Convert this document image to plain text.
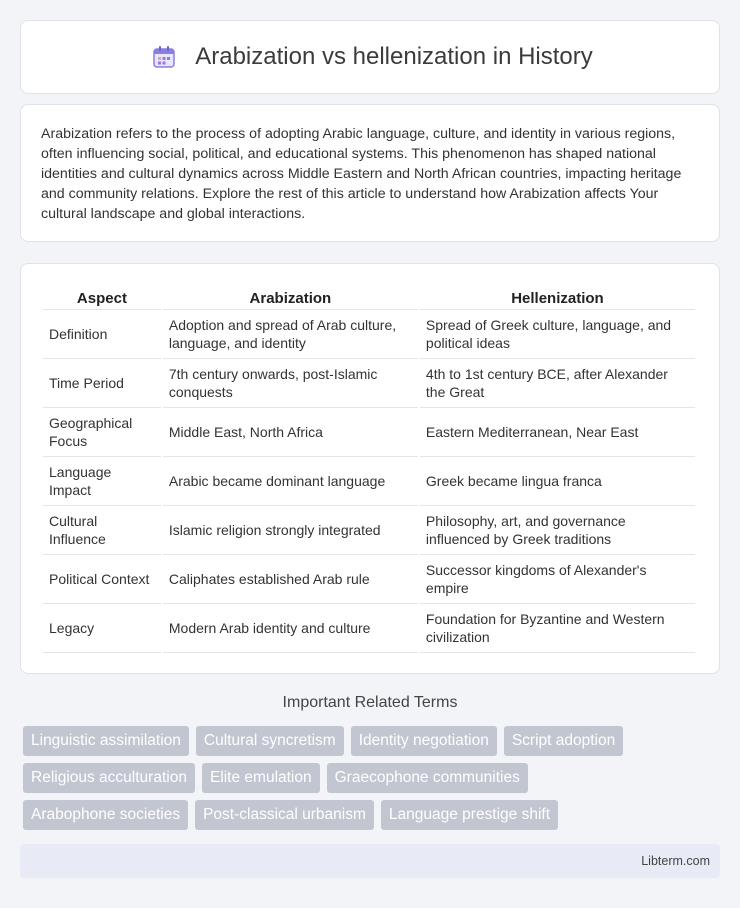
Arabization vs hellenization in History

Arabization refers to the process of adopting Arabic language, culture, and identity in various regions, often influencing social, political, and educational systems. This phenomenon has shaped national identities and cultural dynamics across Middle Eastern and North African countries, impacting heritage and community relations. Explore the rest of this article to understand how Arabization affects Your cultural landscape and global interactions.

Aspect	Arabization	Hellenization
Definition	Adoption and spread of Arab culture, language, and identity	Spread of Greek culture, language, and political ideas
Time Period	7th century onwards, post-Islamic conquests	4th to 1st century BCE, after Alexander the Great
Geographical Focus	Middle East, North Africa	Eastern Mediterranean, Near East
Language Impact	Arabic became dominant language	Greek became lingua franca
Cultural Influence	Islamic religion strongly integrated	Philosophy, art, and governance influenced by Greek traditions
Political Context	Caliphates established Arab rule	Successor kingdoms of Alexander's empire
Legacy	Modern Arab identity and culture	Foundation for Byzantine and Western civilization
Important Related Terms
Linguistic assimilation	Cultural syncretism	Identity negotiation	Script adoption
Religious acculturation	Elite emulation	Graecophone communities
Arabophone societies	Post-classical urbanism	Language prestige shift
Libterm.com
